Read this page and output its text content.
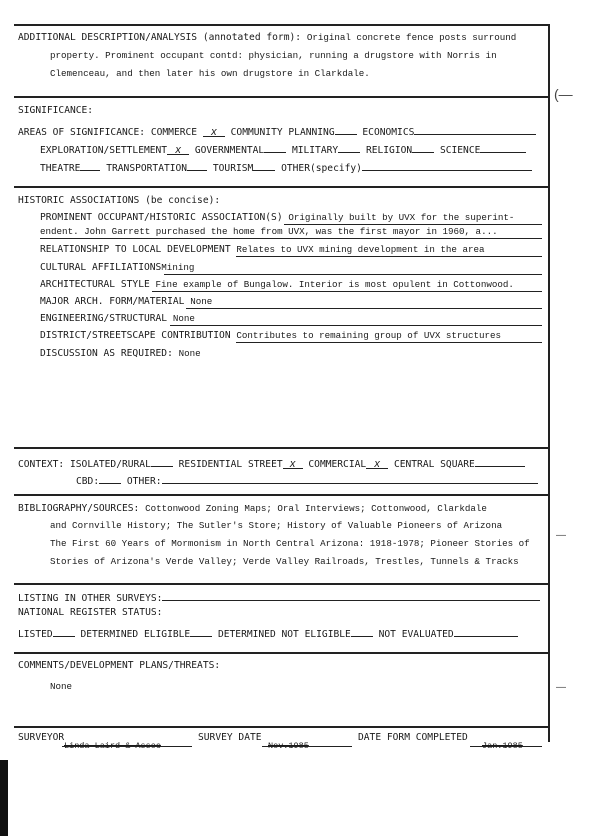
ADDITIONAL DESCRIPTION/ANALYSIS (annotated form): Original concrete fence posts surround
property. Prominent occupant contd: physician, running a drugstore with Norris in
Clemenceau, and then later his own drugstore in Clarkdale.
SIGNIFICANCE:
AREAS OF SIGNIFICANCE: COMMERCE x COMMUNITY PLANNING	ECONOMICS
EXPLORATION/SETTLEMENT x GOVERNMENTAL	MILITARY	RELIGION	SCIENCE
THEATRE	TRANSPORTATION	TOURISM	OTHER(specify)
HISTORIC ASSOCIATIONS (be concise):
PROMINENT OCCUPANT/HISTORIC ASSOCIATION(S) Originally built by UVX for the superint-
endent. John Garrett purchased the home from UVX, was the first mayor in 1960, a...
RELATIONSHIP TO LOCAL DEVELOPMENT Relates to UVX mining development in the area
CULTURAL AFFILIATIONSMining
ARCHITECTURAL STYLE Fine example of Bungalow. Interior is most opulent in Cottonwood.
MAJOR ARCH. FORM/MATERIAL None
ENGINEERING/STRUCTURAL None
DISTRICT/STREETSCAPE CONTRIBUTION Contributes to remaining group of UVX structures
DISCUSSION AS REQUIRED: None
CONTEXT: ISOLATED/RURAL	RESIDENTIAL STREET x COMMERCIAL x CENTRAL SQUARE
CBD:	OTHER:
BIBLIOGRAPHY/SOURCES: Cottonwood Zoning Maps; Oral Interviews; Cottonwood, Clarkdale
and Cornville History; The Sutler's Store; History of Valuable Pioneers of Arizona
The First 60 Years of Mormonism in North Central Arizona: 1918-1978; Pioneer Stories of
Stories of Arizona's Verde Valley; Verde Valley Railroads, Trestles, Tunnels & Tracks
LISTING IN OTHER SURVEYS:
NATIONAL REGISTER STATUS:
LISTED	DETERMINED ELIGIBLE	DETERMINED NOT ELIGIBLE	NOT EVALUATED
COMMENTS/DEVELOPMENT PLANS/THREATS:
None
SURVEYOR
Linda Laird & Assoc
SURVEY DATE
Nov.1985
DATE FORM COMPLETED
Jan.1985
(—
—
—
